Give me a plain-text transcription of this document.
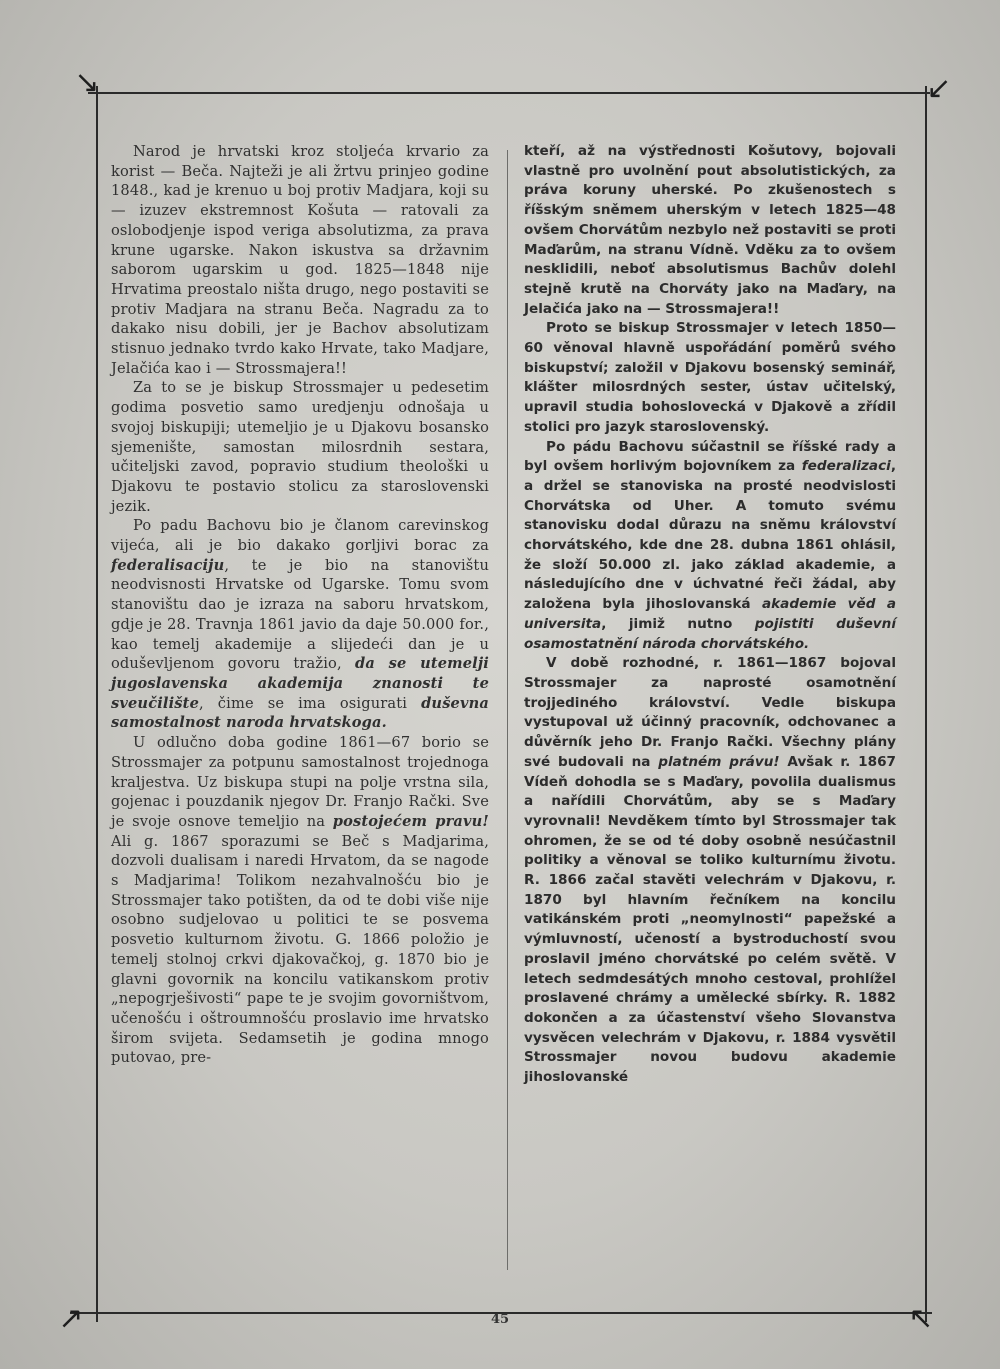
↘	↙
↗	↖

Narod je hrvatski kroz stoljeća krvario za korist — Beča. Najteži je ali žrtvu prinjeo godine 1848., kad je krenuo u boj protiv Madjara, koji su — izuzev ekstremnost Košuta — ratovali za oslobodjenje ispod veriga absolutizma, za prava krune ugarske. Nakon iskustva sa državnim saborom ugarskim u god. 1825—1848 nije Hrvatima preostalo ništa drugo, nego postaviti se protiv Madjara na stranu Beča. Nagradu za to dakako nisu dobili, jer je Bachov absolutizam stisnuo jednako tvrdo kako Hrvate, tako Madjare, Jelačića kao i — Strossmajera!!

Za to se je biskup Strossmajer u pedesetim godima posvetio samo uredjenju odnošaja u svojoj biskupiji; utemeljio je u Djakovu bosansko sjemenište, samostan milosrdnih sestara, učiteljski zavod, popravio studium theološki u Djakovu te postavio stolicu za staroslovenski jezik.

Po padu Bachovu bio je članom carevinskog vijeća, ali je bio dakako gorljivi borac za federalisaciju, te je bio na stanovištu neodvisnosti Hrvatske od Ugarske. Tomu svom stanovištu dao je izraza na saboru hrvatskom, gdje je 28. Travnja 1861 javio da daje 50.000 for., kao temelj akademije a slijedeći dan je u oduševljenom govoru tražio, da se utemelji jugoslavenska akademija znanosti te sveučilište, čime se ima osigurati duševna samostalnost naroda hrvatskoga.

U odlučno doba godine 1861—67 borio se Strossmajer za potpunu samostalnost trojednoga kraljestva. Uz biskupa stupi na polje vrstna sila, gojenac i pouzdanik njegov Dr. Franjo Rački. Sve je svoje osnove temeljio na postojećem pravu! Ali g. 1867 sporazumi se Beč s Madjarima, dozvoli dualisam i naredi Hrvatom, da se nagode s Madjarima! Tolikom nezahvalnošću bio je Strossmajer tako potišten, da od te dobi više nije osobno sudjelovao u politici te se posvema posvetio kulturnom životu. G. 1866 položio je temelj stolnoj crkvi djakovačkoj, g. 1870 bio je glavni govornik na koncilu vatikanskom protiv „nepogrješivosti“ pape te je svojim govorništvom, učenošću i oštroumnošću proslavio ime hrvatsko širom svijeta. Sedamsetih je godina mnogo putovao, pre-

kteří, až na výstřednosti Košutovy, bojovali vlastně pro uvolnění pout absolutistických, za práva koruny uherské. Po zkušenostech s říšským sněmem uherským v letech 1825—48 ovšem Chorvátům nezbylo než postaviti se proti Maďarům, na stranu Vídně. Vděku za to ovšem nesklidili, neboť absolutismus Bachův dolehl stejně krutě na Chorváty jako na Maďary, na Jelačića jako na — Strossmajera!!

Proto se biskup Strossmajer v letech 1850—60 věnoval hlavně uspořádání poměrů svého biskupství; založil v Djakovu bosenský seminář, klášter milosrdných sester, ústav učitelský, upravil studia bohoslovecká v Djakově a zřídil stolici pro jazyk staroslovenský.

Po pádu Bachovu súčastnil se říšské rady a byl ovšem horlivým bojovníkem za federalizaci, a držel se stanoviska na prosté neodvislosti Chorvátska od Uher. A tomuto svému stanovisku dodal důrazu na sněmu království chorvátského, kde dne 28. dubna 1861 ohlásil, že složí 50.000 zl. jako základ akademie, a následujícího dne v úchvatné řeči žádal, aby založena byla jihoslovanská akademie věd a universita, jimiž nutno pojistiti duševní osamostatnění národa chorvátského.

V době rozhodné, r. 1861—1867 bojoval Strossmajer za naprosté osamotnění trojjediného království. Vedle biskupa vystupoval už účinný pracovník, odchovanec a důvěrník jeho Dr. Franjo Rački. Všechny plány své budovali na platném právu! Avšak r. 1867 Vídeň dohodla se s Maďary, povolila dualismus a nařídili Chorvátům, aby se s Maďary vyrovnali! Nevděkem tímto byl Strossmajer tak ohromen, že se od té doby osobně nesúčastnil politiky a věnoval se toliko kulturnímu životu. R. 1866 začal stavěti velechrám v Djakovu, r. 1870 byl hlavním řečníkem na koncilu vatikánském proti „neomylnosti“ papežské a výmluvností, učeností a bystroduchostí svou proslavil jméno chorvátské po celém světě. V letech sedmdesátých mnoho cestoval, prohlížel proslavené chrámy a umělecké sbírky. R. 1882 dokončen a za účastenství všeho Slovanstva vysvěcen velechrám v Djakovu, r. 1884 vysvětil Strossmajer novou budovu akademie jihoslovanské

45
